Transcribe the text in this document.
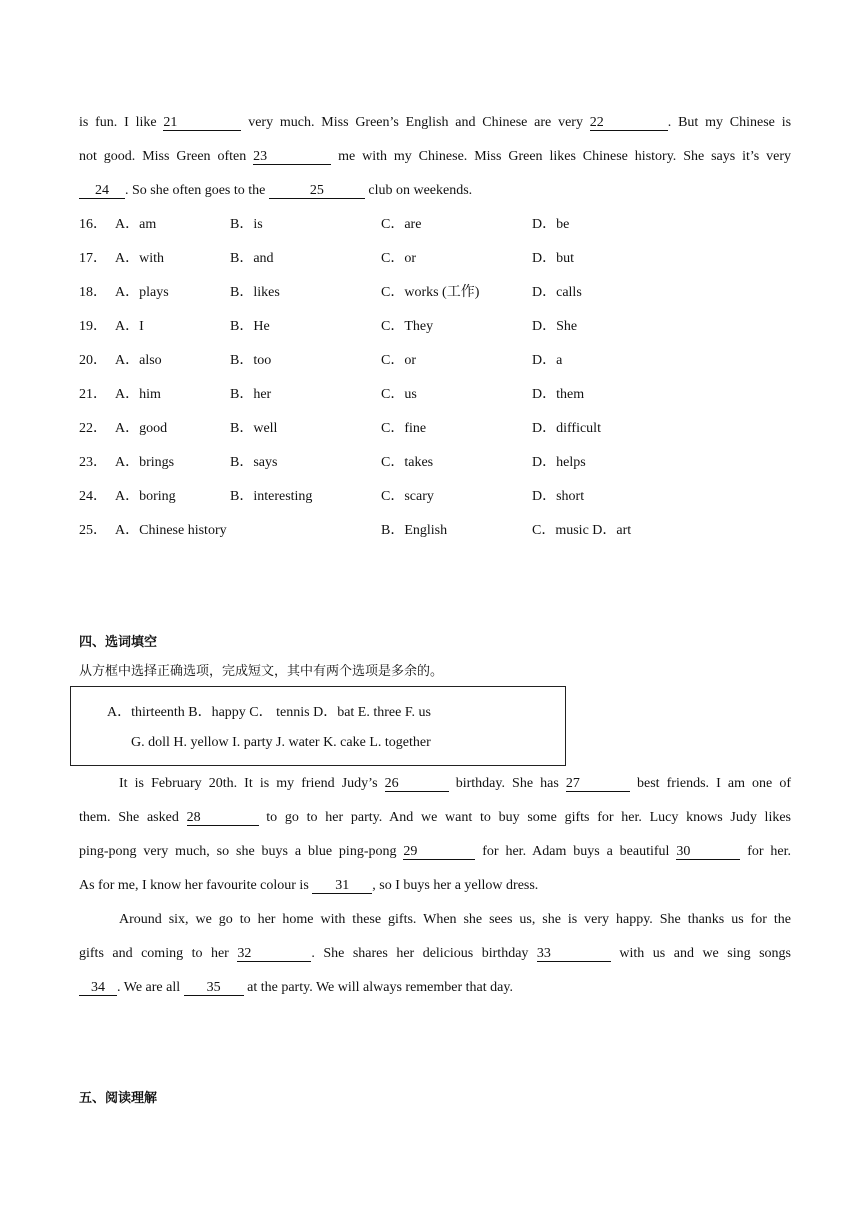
is fun. I like 21	very much. Miss Green’s English and Chinese are very 22	. But my Chinese is
not good. Miss Green often 23	me with my Chinese. Miss Green likes Chinese history. She says it’s very
24 . So she often goes to the	25	club on weekends.
16． A．am	B．is	C．are	D．be
17． A．with	B．and	C．or	D．but
18． A．plays	B．likes	C．works (工作)	D．calls
19． A．I	B．He	C．They	D．She
20． A．also	B．too	C．or	D．a
21． A．him	B．her	C．us	D．them
22． A．good	B．well	C．fine	D．difficult
23． A．brings	B．says	C．takes	D．helps
24． A．boring	B．interesting	C．scary	D．short
25． A．Chinese history	B．English	C．music D．art
四、选词填空
从方框中选择正确选项，完成短文，其中有两个选项是多余的。
A．thirteenth B．happy C． tennis D．bat E. three F. us
G. doll H. yellow I. party J. water K. cake L. together
It is February 20th. It is my friend Judy’s 26	birthday. She has 27	best friends. I am one of
them. She asked 28	to go to her party. And we want to buy some gifts for her. Lucy knows Judy likes
ping-pong very much, so she buys a blue ping-pong 29	for her. Adam buys a beautiful 30	for her.
As for me, I know her favourite colour is 31 , so I buys her a yellow dress.
Around six, we go to her home with these gifts. When she sees us, she is very happy. She thanks us for the
gifts and coming to her 32	. She shares her delicious birthday 33	with us and we sing songs
34 . We are all 35 at the party. We will always remember that day.
五、阅读理解
